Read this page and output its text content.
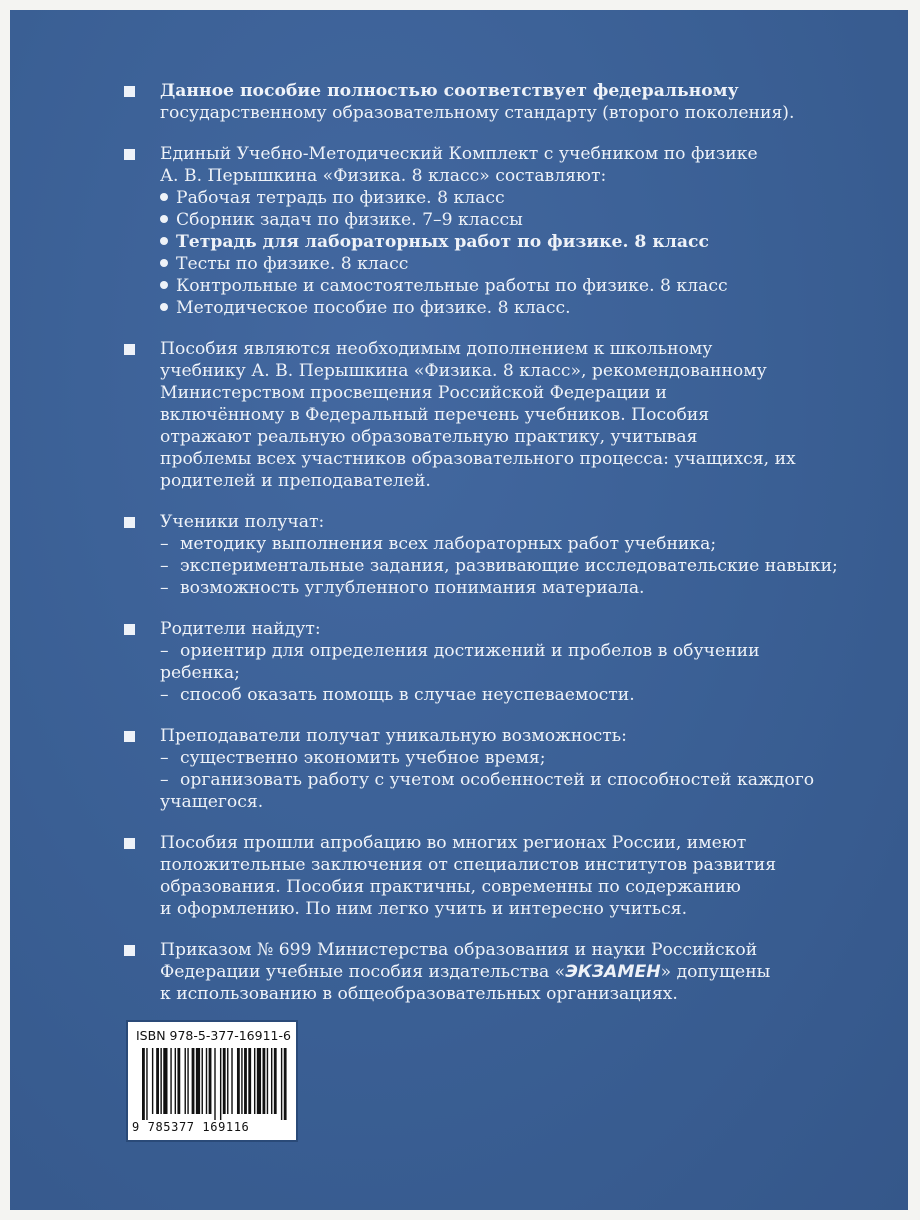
Данное пособие полностью соответствует федеральному
государственному образовательному стандарту (второго поколения).
Единый Учебно-Методический Комплект с учебником по физике
А. В. Перышкина «Физика. 8 класс» составляют:
Рабочая тетрадь по физике. 8 класс
Сборник задач по физике. 7–9 классы
Тетрадь для лабораторных работ по физике. 8 класс
Тесты по физике. 8 класс
Контрольные и самостоятельные работы по физике. 8 класс
Методическое пособие по физике. 8 класс.
Пособия являются необходимым дополнением к школьному
учебнику А. В. Перышкина «Физика. 8 класс», рекомендованному
Министерством просвещения Российской Федерации и
включённому в Федеральный перечень учебников. Пособия
отражают реальную образовательную практику, учитывая
проблемы всех участников образовательного процесса: учащихся, их
родителей и преподавателей.
Ученики получат:
– методику выполнения всех лабораторных работ учебника;
– экспериментальные задания, развивающие исследовательские навыки;
– возможность углубленного понимания материала.
Родители найдут:
– ориентир для определения достижений и пробелов в обучении
ребенка;
– способ оказать помощь в случае неуспеваемости.
Преподаватели получат уникальную возможность:
– существенно экономить учебное время;
– организовать работу с учетом особенностей и способностей каждого
учащегося.
Пособия прошли апробацию во многих регионах России, имеют
положительные заключения от специалистов институтов развития
образования. Пособия практичны, современны по содержанию
и оформлению. По ним легко учить и интересно учиться.
Приказом № 699 Министерства образования и науки Российской
Федерации учебные пособия издательства «ЭКЗАМЕН» допущены
к использованию в общеобразовательных организациях.
ISBN 978-5-377-16911-6
9 785377 169116
